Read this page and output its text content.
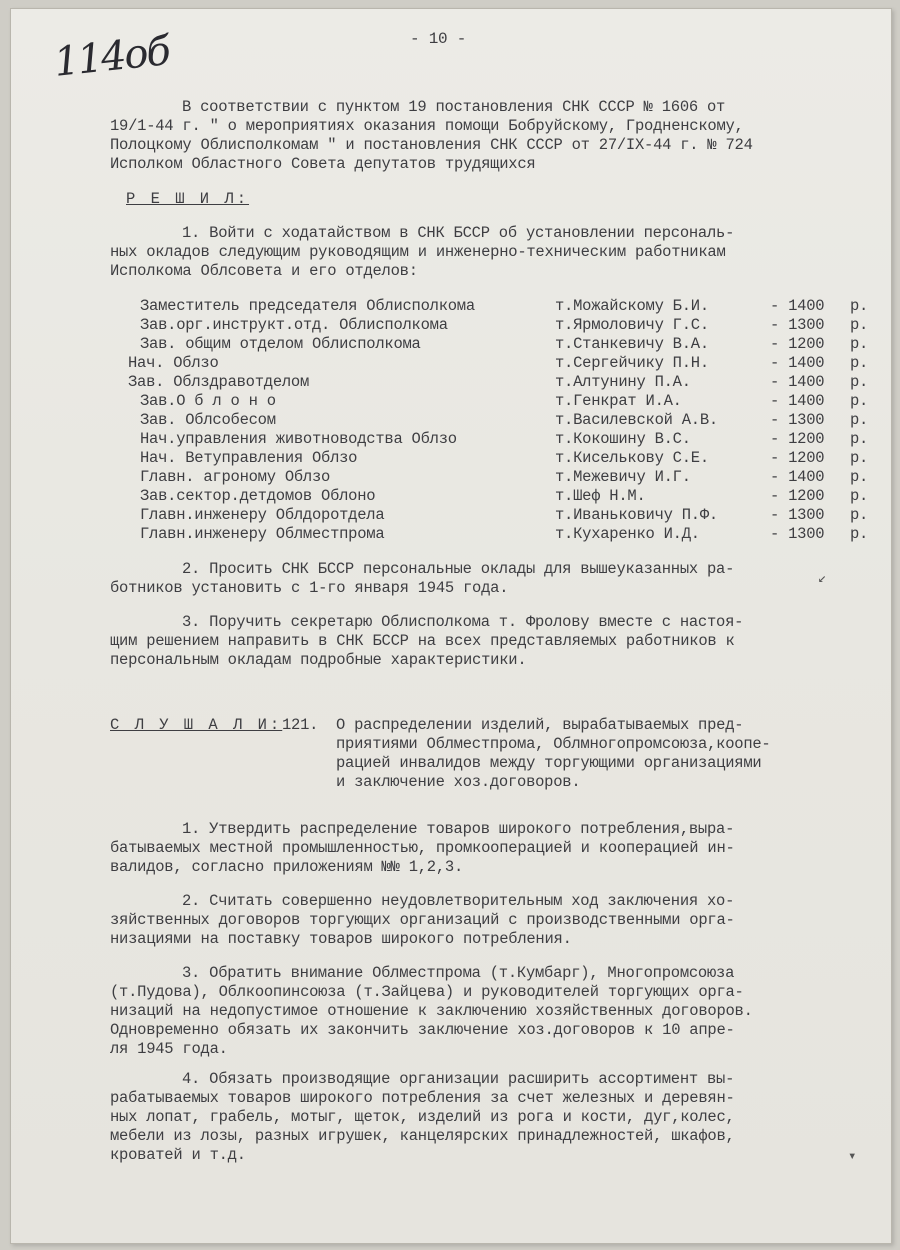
114об	- 10 -
В соответствии с пунктом 19 постановления СНК СССР № 1606 от
19/1-44 г. " о мероприятиях оказания помощи Бобруйскому, Гродненскому,
Полоцкому Облисполкомам " и постановления СНК СССР от 27/IX-44 г. № 724
Исполком Областного Совета депутатов трудящихся
Р Е Ш И Л:
1. Войти с ходатайством в СНК БССР об установлении персональ-
ных окладов следующим руководящим и инженерно-техническим работникам
Исполкома Облсовета и его отделов:
Заместитель председателя Облисполкома	т.Можайскому Б.И.	- 1400 р.
Зав.орг.инструкт.отд. Облисполкома	т.Ярмоловичу Г.С.	- 1300 р.
Зав. общим отделом Облисполкома	т.Станкевичу В.А.	- 1200 р.
Нач. Облзо	т.Сергейчику П.Н.	- 1400 р.
Зав. Облздравотделом	т.Алтунину П.А.	- 1400 р.
Зав.О б л о н о	т.Генкрат И.А.	- 1400 р.
Зав. Облсобесом	т.Василевской А.В.	- 1300 р.
Нач.управления животноводства Облзо	т.Кокошину В.С.	- 1200 р.
Нач. Ветуправления Облзо	т.Кисельковy С.Е.	- 1200 р.
Главн. агроному Облзо	т.Межевичу И.Г.	- 1400 р.
Зав.сектор.детдомов Облоно	т.Шеф Н.М.	- 1200 р.
Главн.инженеру Облдоротдела	т.Иваньковичу П.Ф.	- 1300 р.
Главн.инженеру Облместпрома	т.Кухаренко И.Д.	- 1300 р.
2. Просить СНК БССР персональные оклады для вышеуказанных ра-
ботников установить с 1-го января 1945 года.
3. Поручить секретарю Облисполкома т. Фролову вместе с настоя-
щим решением направить в СНК БССР на всех представляемых работников к
персональным окладам подробные характеристики.
С Л У Ш А Л И: 121. О распределении изделий, вырабатываемых пред-
приятиями Облместпрома, Облмногопромсоюза,коопе-
рацией инвалидов между торгующими организациями
и заключение хоз.договоров.
1. Утвердить распределение товаров широкого потребления,выра-
батываемых местной промышленностью, промкооперацией и кооперацией ин-
валидов, согласно приложениям №№ 1,2,3.
2. Считать совершенно неудовлетворительным ход заключения хо-
зяйственных договоров торгующих организаций с производственными орга-
низациями на поставку товаров широкого потребления.
3. Обратить внимание Облместпрома (т.Кумбарг), Многопромсоюза
(т.Пудова), Облкоопинсоюза (т.Зайцева) и руководителей торгующих орга-
низаций на недопустимое отношение к заключению хозяйственных договоров.
Одновременно обязать их закончить заключение хоз.договоров к 10 апре-
ля 1945 года.
4. Обязать производящие организации расширить ассортимент вы-
рабатываемых товаров широкого потребления за счет железных и деревян-
ных лопат, грабель, мотыг, щеток, изделий из рога и кости, дуг,колес,
мебели из лозы, разных игрушек, канцелярских принадлежностей, шкафов,
кроватей и т.д.
↙
▾
